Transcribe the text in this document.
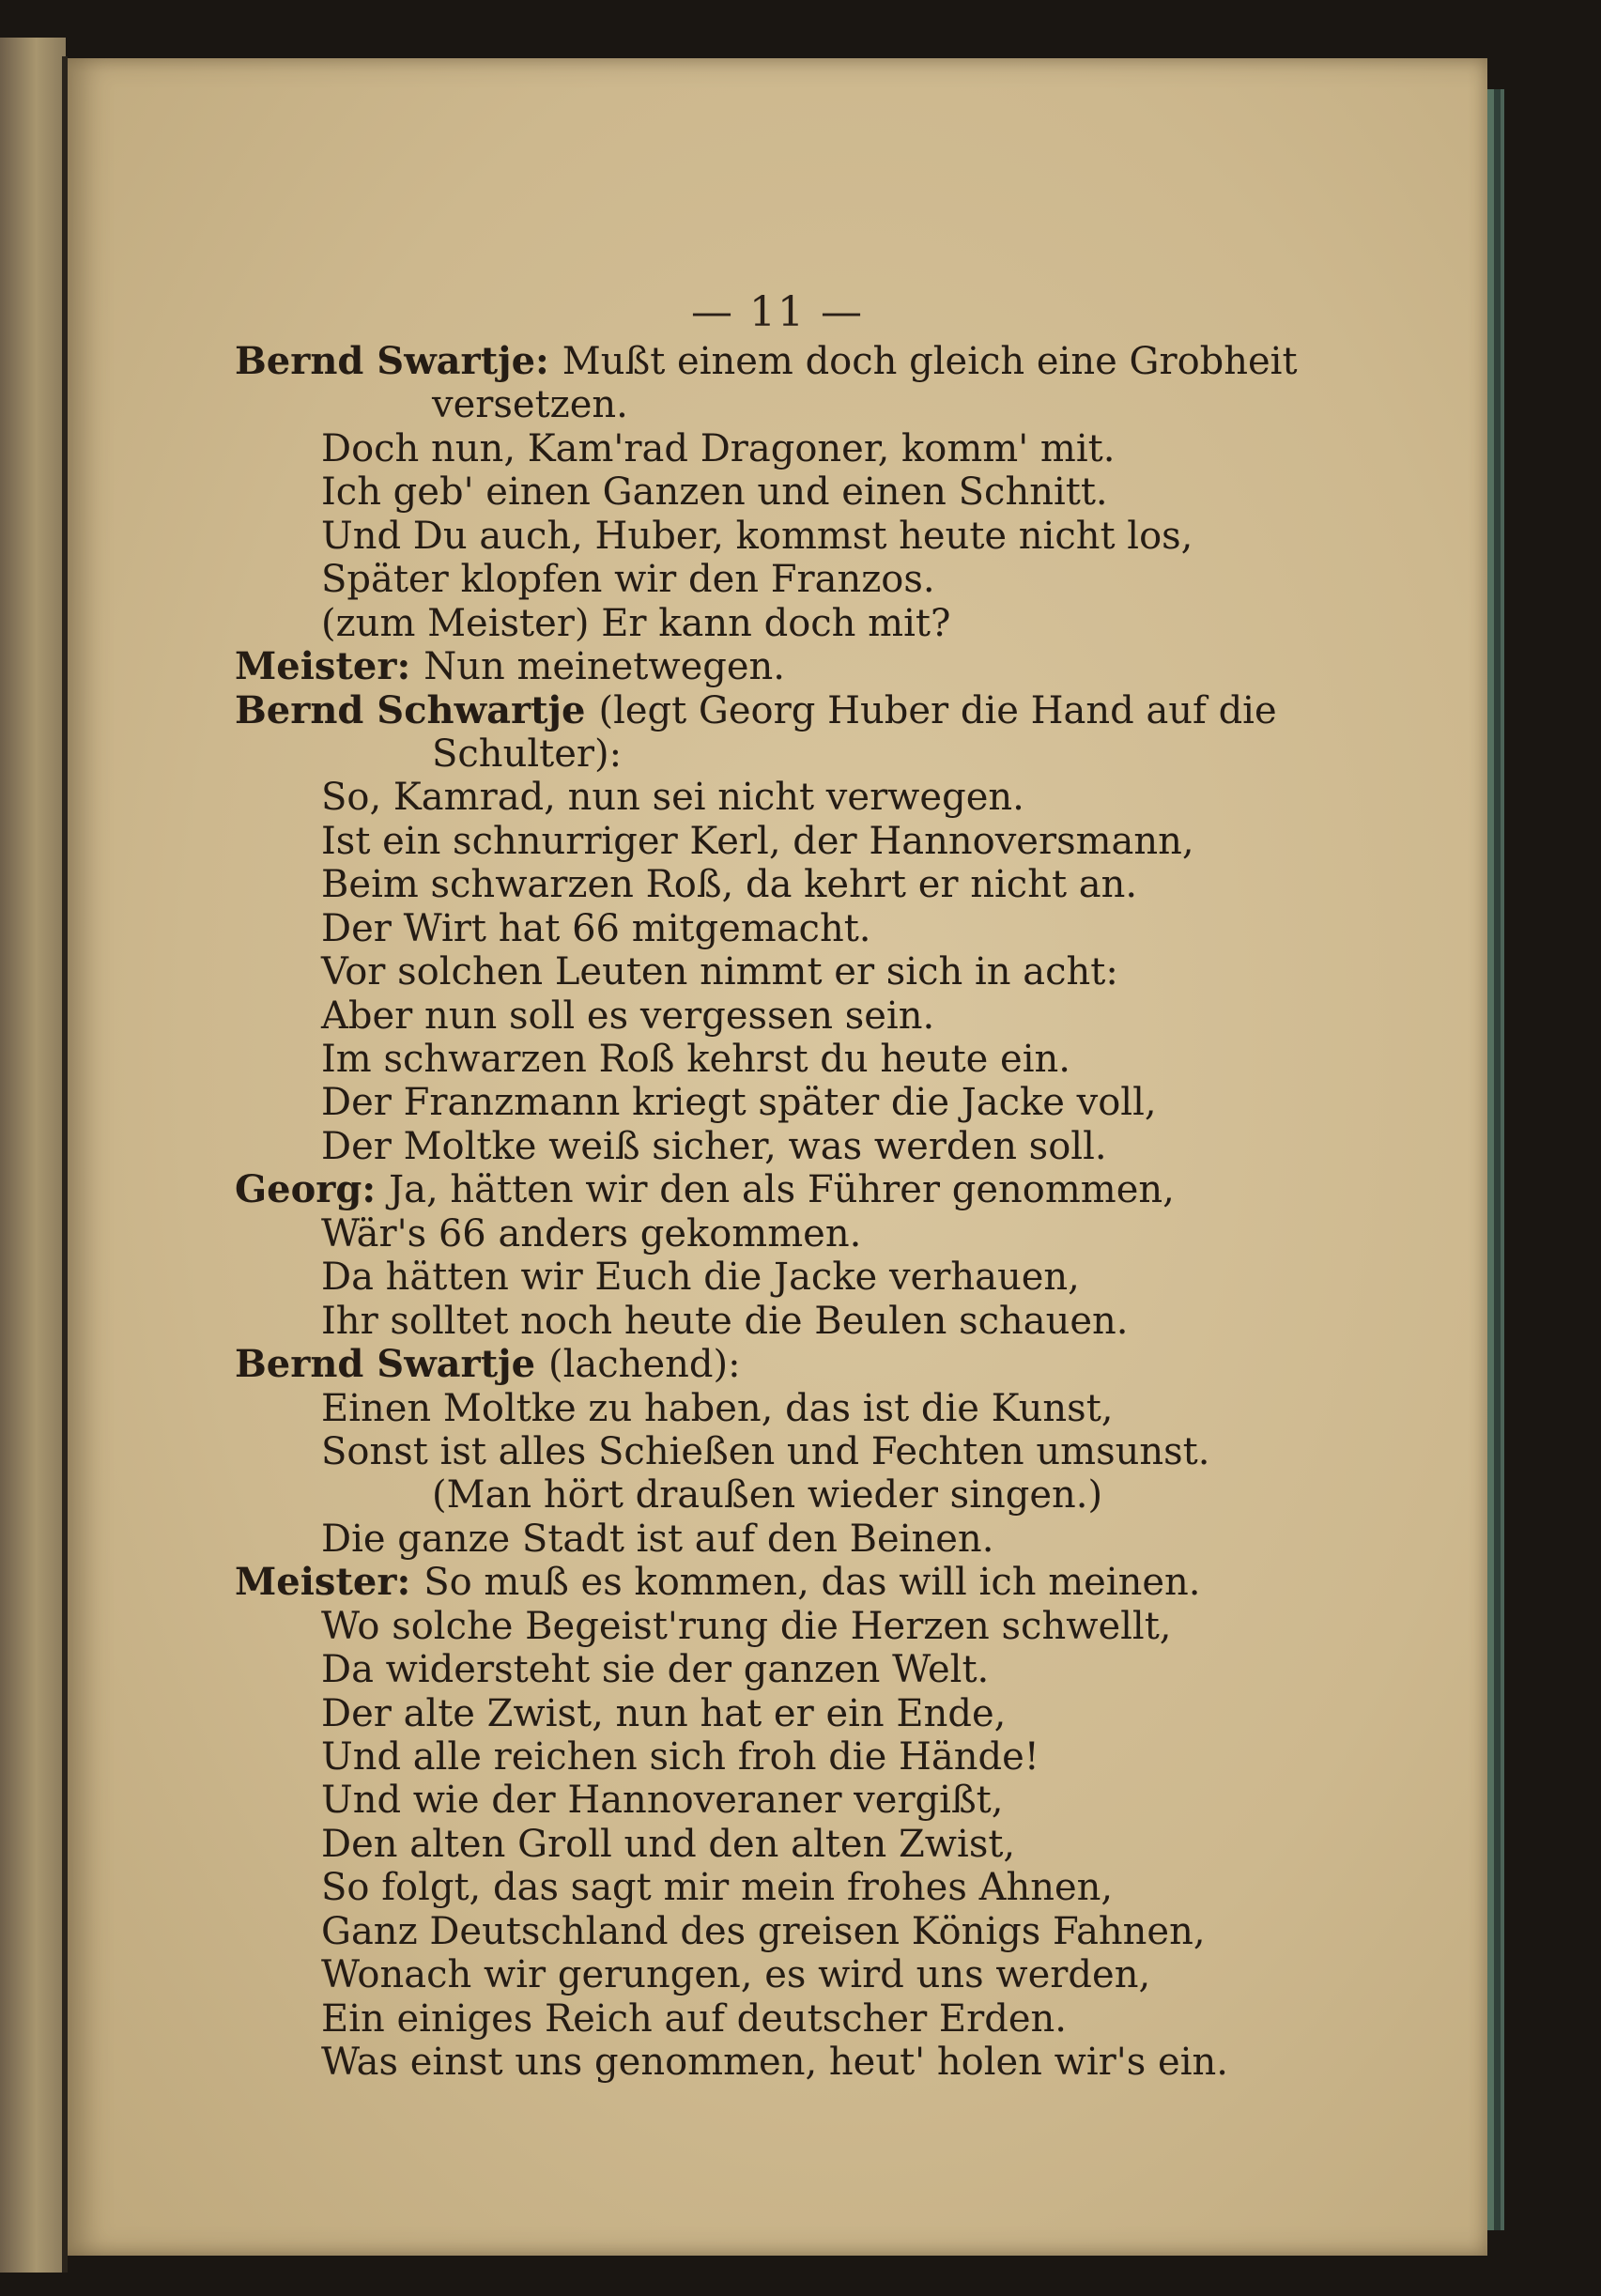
— 11 —
Bernd Swartje: Mußt einem doch gleich eine Grobheit
versetzen.
Doch nun, Kam'rad Dragoner, komm' mit.
Ich geb' einen Ganzen und einen Schnitt.
Und Du auch, Huber, kommst heute nicht los,
Später klopfen wir den Franzos.
(zum Meister) Er kann doch mit?
Meister: Nun meinetwegen.
Bernd Schwartje (legt Georg Huber die Hand auf die
Schulter):
So, Kamrad, nun sei nicht verwegen.
Ist ein schnurriger Kerl, der Hannoversmann,
Beim schwarzen Roß, da kehrt er nicht an.
Der Wirt hat 66 mitgemacht.
Vor solchen Leuten nimmt er sich in acht:
Aber nun soll es vergessen sein.
Im schwarzen Roß kehrst du heute ein.
Der Franzmann kriegt später die Jacke voll,
Der Moltke weiß sicher, was werden soll.
Georg: Ja, hätten wir den als Führer genommen,
Wär's 66 anders gekommen.
Da hätten wir Euch die Jacke verhauen,
Ihr solltet noch heute die Beulen schauen.
Bernd Swartje (lachend):
Einen Moltke zu haben, das ist die Kunst,
Sonst ist alles Schießen und Fechten umsunst.
(Man hört draußen wieder singen.)
Die ganze Stadt ist auf den Beinen.
Meister: So muß es kommen, das will ich meinen.
Wo solche Begeist'rung die Herzen schwellt,
Da widersteht sie der ganzen Welt.
Der alte Zwist, nun hat er ein Ende,
Und alle reichen sich froh die Hände!
Und wie der Hannoveraner vergißt,
Den alten Groll und den alten Zwist,
So folgt, das sagt mir mein frohes Ahnen,
Ganz Deutschland des greisen Königs Fahnen,
Wonach wir gerungen, es wird uns werden,
Ein einiges Reich auf deutscher Erden.
Was einst uns genommen, heut' holen wir's ein.
